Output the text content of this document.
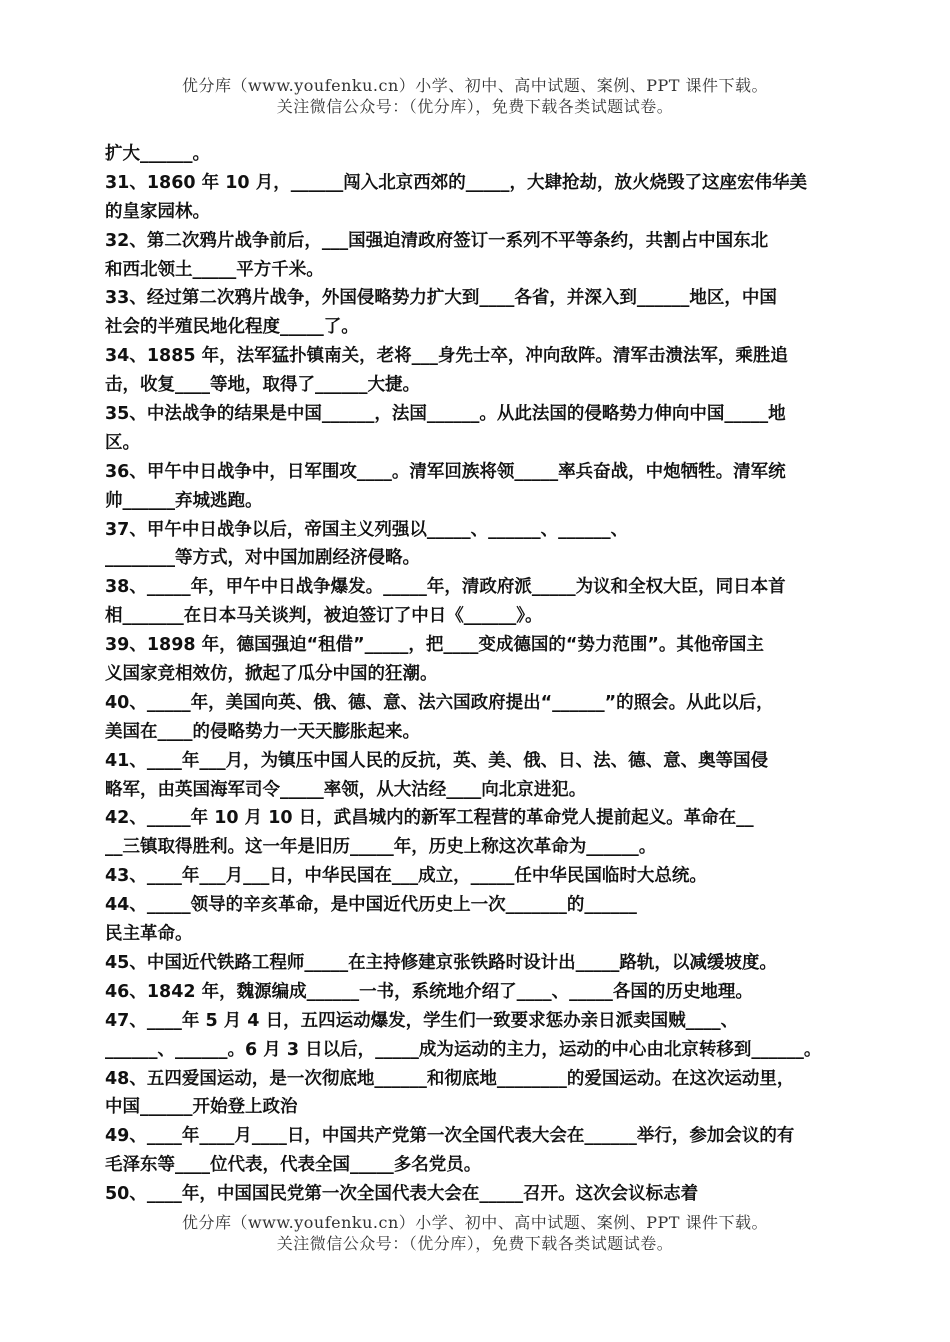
优分库（www.youfenku.cn）小学、初中、高中试题、案例、PPT 课件下载。
关注微信公众号：（优分库），免费下载各类试题试卷。
扩大______。
31、1860 年 10 月，______闯入北京西郊的_____，大肆抢劫，放火烧毁了这座宏伟华美
的皇家园林。
32、第二次鸦片战争前后，___国强迫清政府签订一系列不平等条约，共割占中国东北
和西北领土_____平方千米。
33、经过第二次鸦片战争，外国侵略势力扩大到____各省，并深入到______地区，中国
社会的半殖民地化程度_____了。
34、1885 年，法军猛扑镇南关，老将___身先士卒，冲向敌阵。清军击溃法军，乘胜追
击，收复____等地，取得了______大捷。
35、中法战争的结果是中国______，法国______。从此法国的侵略势力伸向中国_____地
区。
36、甲午中日战争中，日军围攻____。清军回族将领_____率兵奋战，中炮牺牲。清军统
帅______弃城逃跑。
37、甲午中日战争以后，帝国主义列强以_____、______、______、
________等方式，对中国加剧经济侵略。
38、_____年，甲午中日战争爆发。_____年，清政府派_____为议和全权大臣，同日本首
相_______在日本马关谈判，被迫签订了中日《______》。
39、1898 年，德国强迫“租借”_____，把____变成德国的“势力范围”。其他帝国主
义国家竞相效仿，掀起了瓜分中国的狂潮。
40、_____年，美国向英、俄、德、意、法六国政府提出“______”的照会。从此以后，
美国在____的侵略势力一天天膨胀起来。
41、____年___月，为镇压中国人民的反抗，英、美、俄、日、法、德、意、奥等国侵
略军，由英国海军司令_____率领，从大沽经____向北京进犯。
42、_____年 10 月 10 日，武昌城内的新军工程营的革命党人提前起义。革命在__
__三镇取得胜利。这一年是旧历_____年，历史上称这次革命为______。
43、____年___月___日，中华民国在___成立，_____任中华民国临时大总统。
44、_____领导的辛亥革命，是中国近代历史上一次_______的______
民主革命。
45、中国近代铁路工程师_____在主持修建京张铁路时设计出_____路轨，以减缓坡度。
46、1842 年，魏源编成______一书，系统地介绍了____、_____各国的历史地理。
47、____年 5 月 4 日，五四运动爆发，学生们一致要求惩办亲日派卖国贼____、
______、______。6 月 3 日以后，_____成为运动的主力，运动的中心由北京转移到______。
48、五四爱国运动，是一次彻底地______和彻底地________的爱国运动。在这次运动里，
中国______开始登上政治
49、____年____月____日，中国共产党第一次全国代表大会在______举行，参加会议的有
毛泽东等____位代表，代表全国_____多名党员。
50、____年，中国国民党第一次全国代表大会在_____召开。这次会议标志着
优分库（www.youfenku.cn）小学、初中、高中试题、案例、PPT 课件下载。
关注微信公众号：（优分库），免费下载各类试题试卷。
